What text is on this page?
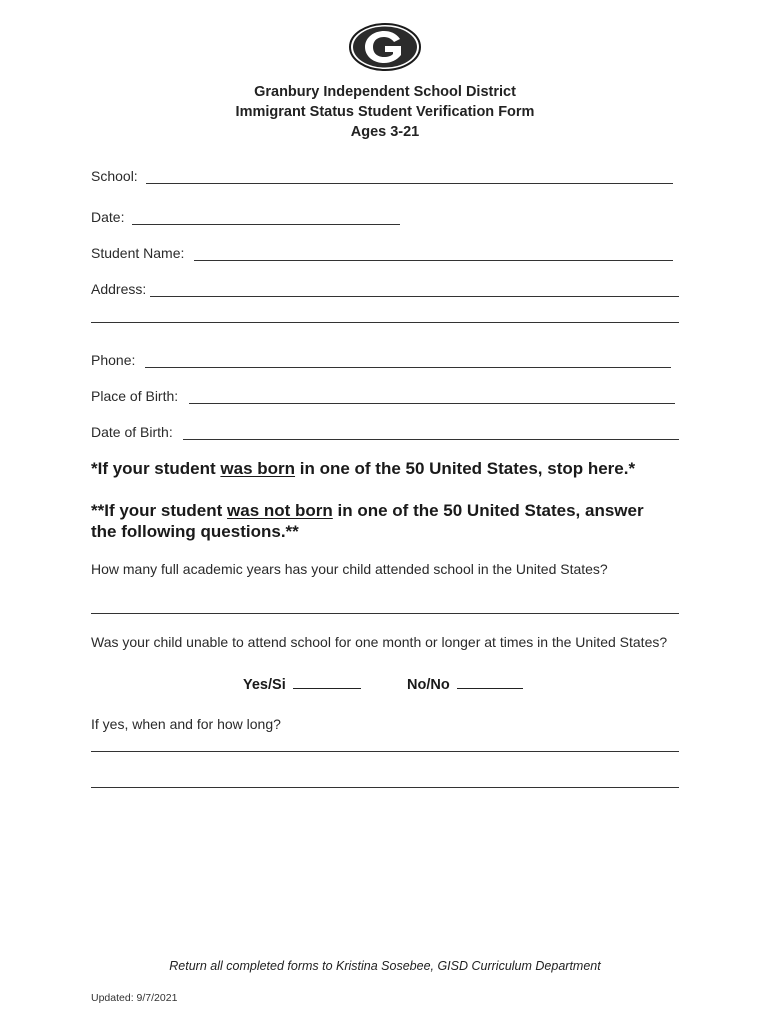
Granbury Independent School District
Immigrant Status Student Verification Form
Ages 3-21
School:
Date:
Student Name:
Address:
Phone:
Place of Birth:
Date of Birth:
*If your student was born in one of the 50 United States, stop here.*
**If your student was not born in one of the 50 United States, answer
the following questions.**
How many full academic years has your child attended school in the United States?
Was your child unable to attend school for one month or longer at times in the United States?
Yes/Si	No/No
If yes, when and for how long?
Return all completed forms to Kristina Sosebee, GISD Curriculum Department
Updated: 9/7/2021
